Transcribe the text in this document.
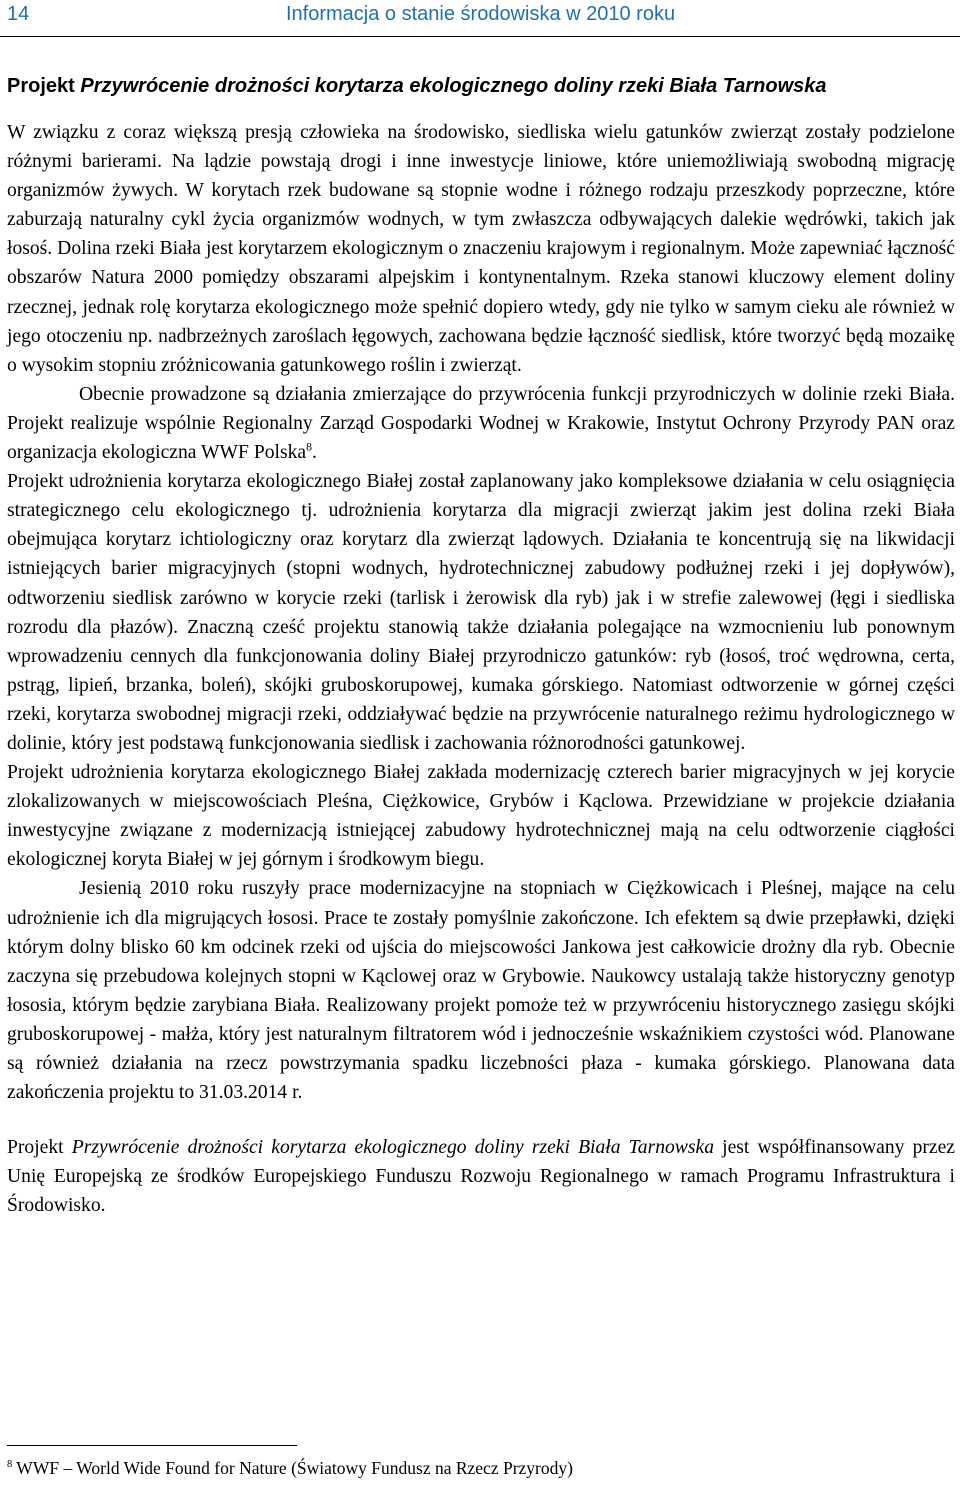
14	Informacja o stanie środowiska w 2010 roku
Projekt Przywrócenie drożności korytarza ekologicznego doliny rzeki Biała Tarnowska

W związku z coraz większą presją człowieka na środowisko, siedliska wielu gatunków zwierząt zostały podzielone różnymi barierami. Na lądzie powstają drogi i inne inwestycje liniowe, które uniemożliwiają swobodną migrację organizmów żywych. W korytach rzek budowane są stopnie wodne i różnego rodzaju przeszkody poprzeczne, które zaburzają naturalny cykl życia organizmów wodnych, w tym zwłaszcza odbywających dalekie wędrówki, takich jak łosoś. Dolina rzeki Biała jest korytarzem ekologicznym o znaczeniu krajowym i regionalnym. Może zapewniać łączność obszarów Natura 2000 pomiędzy obszarami alpejskim i kontynentalnym. Rzeka stanowi kluczowy element doliny rzecznej, jednak rolę korytarza ekologicznego może spełnić dopiero wtedy, gdy nie tylko w samym cieku ale również w jego otoczeniu np. nadbrzeżnych zaroślach łęgowych, zachowana będzie łączność siedlisk, które tworzyć będą mozaikę o wysokim stopniu zróżnicowania gatunkowego roślin i zwierząt.

Obecnie prowadzone są działania zmierzające do przywrócenia funkcji przyrodniczych w dolinie rzeki Biała. Projekt realizuje wspólnie Regionalny Zarząd Gospodarki Wodnej w Krakowie, Instytut Ochrony Przyrody PAN oraz organizacja ekologiczna WWF Polska$^8$.

Projekt udrożnienia korytarza ekologicznego Białej został zaplanowany jako kompleksowe działania w celu osiągnięcia strategicznego celu ekologicznego tj. udrożnienia korytarza dla migracji zwierząt jakim jest dolina rzeki Biała obejmująca korytarz ichtiologiczny oraz korytarz dla zwierząt lądowych. Działania te koncentrują się na likwidacji istniejących barier migracyjnych (stopni wodnych, hydrotechnicznej zabudowy podłużnej rzeki i jej dopływów), odtworzeniu siedlisk zarówno w korycie rzeki (tarlisk i żerowisk dla ryb) jak i w strefie zalewowej (łęgi i siedliska rozrodu dla płazów). Znaczną cześć projektu stanowią także działania polegające na wzmocnieniu lub ponownym wprowadzeniu cennych dla funkcjonowania doliny Białej przyrodniczo gatunków: ryb (łosoś, troć wędrowna, certa, pstrąg, lipień, brzanka, boleń), skójki gruboskorupowej, kumaka górskiego. Natomiast odtworzenie w górnej części rzeki, korytarza swobodnej migracji rzeki, oddziaływać będzie na przywrócenie naturalnego reżimu hydrologicznego w dolinie, który jest podstawą funkcjonowania siedlisk i zachowania różnorodności gatunkowej.

Projekt udrożnienia korytarza ekologicznego Białej zakłada modernizację czterech barier migracyjnych w jej korycie zlokalizowanych w miejscowościach Pleśna, Ciężkowice, Grybów i Kąclowa. Przewidziane w projekcie działania inwestycyjne związane z modernizacją istniejącej zabudowy hydrotechnicznej mają na celu odtworzenie ciągłości ekologicznej koryta Białej w jej górnym i środkowym biegu.

Jesienią 2010 roku ruszyły prace modernizacyjne na stopniach w Ciężkowicach i Pleśnej, mające na celu udrożnienie ich dla migrujących łososi. Prace te zostały pomyślnie zakończone. Ich efektem są dwie przepławki, dzięki którym dolny blisko 60 km odcinek rzeki od ujścia do miejscowości Jankowa jest całkowicie drożny dla ryb. Obecnie zaczyna się przebudowa kolejnych stopni w Kąclowej oraz w Grybowie. Naukowcy ustalają także historyczny genotyp łososia, którym będzie zarybiana Biała. Realizowany projekt pomoże też w przywróceniu historycznego zasięgu skójki gruboskorupowej - małża, który jest naturalnym filtratorem wód i jednocześnie wskaźnikiem czystości wód. Planowane są również działania na rzecz powstrzymania spadku liczebności płaza - kumaka górskiego. Planowana data zakończenia projektu to 31.03.2014 r.

Projekt Przywrócenie drożności korytarza ekologicznego doliny rzeki Biała Tarnowska jest współfinansowany przez Unię Europejską ze środków Europejskiego Funduszu Rozwoju Regionalnego w ramach Programu Infrastruktura i Środowisko.

$^8$ WWF – World Wide Found for Nature (Światowy Fundusz na Rzecz Przyrody)
